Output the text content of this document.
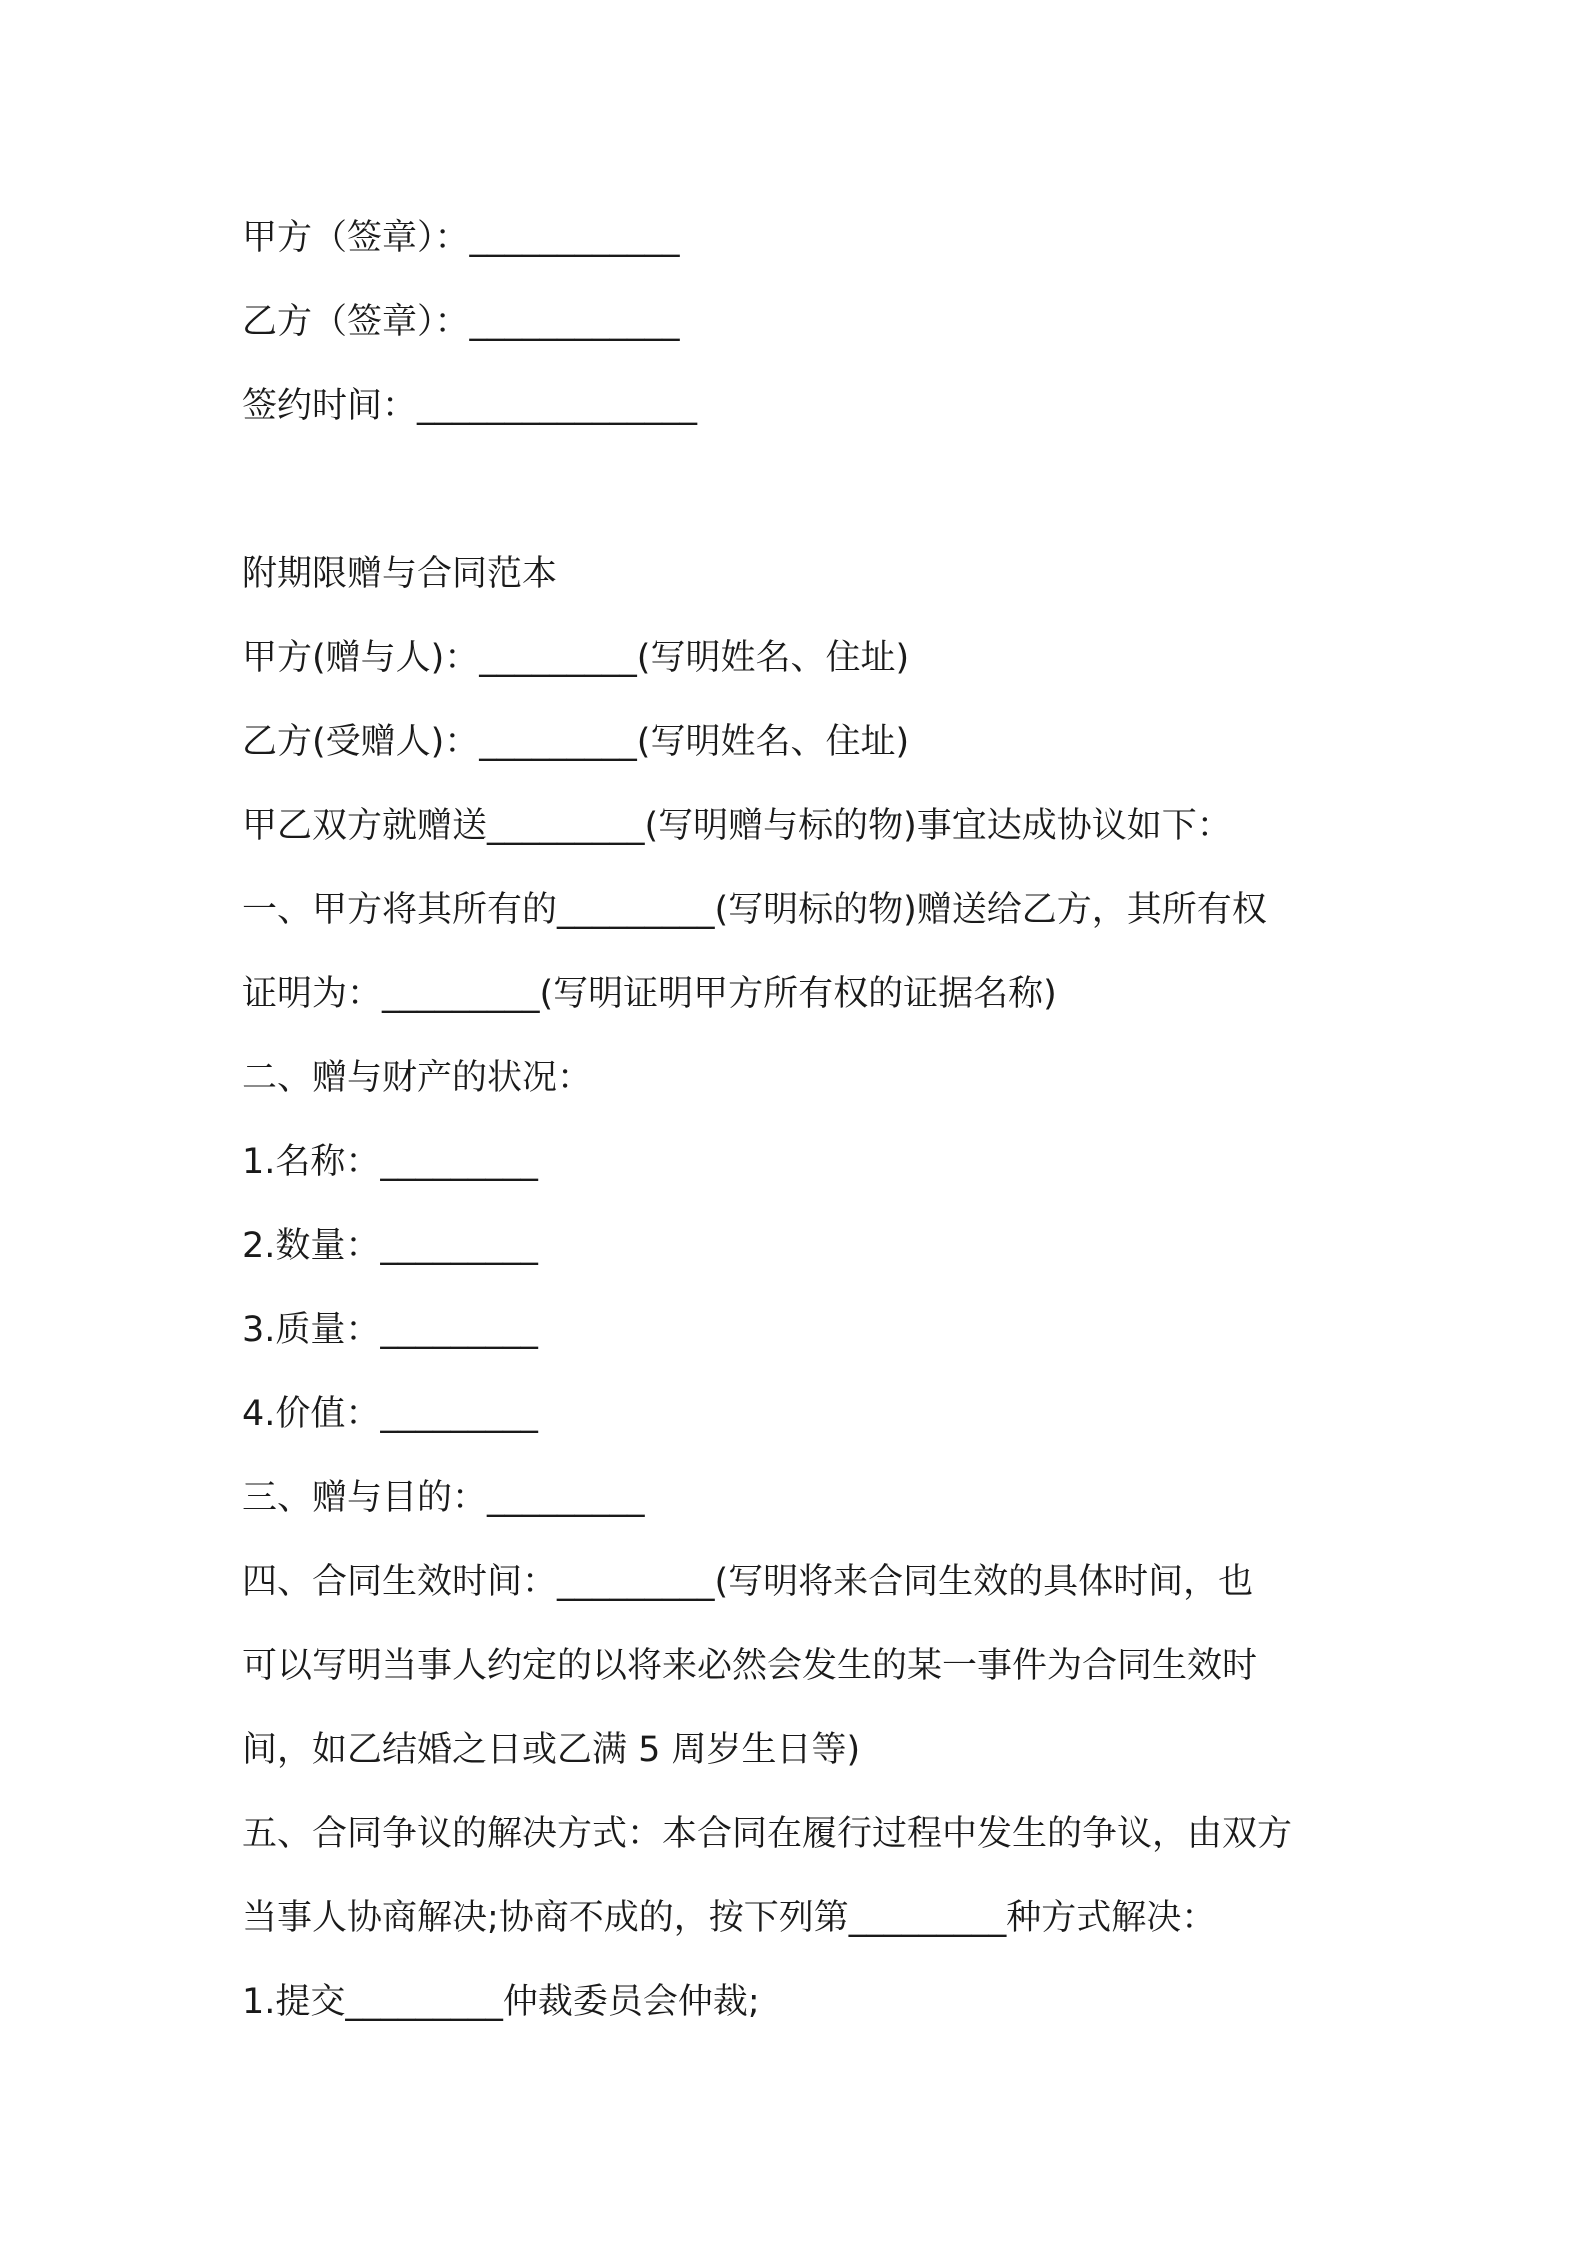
甲方（签章）：____________
乙方（签章）：____________
签约时间：________________
附期限赠与合同范本
甲方(赠与人)：_________(写明姓名、住址)
乙方(受赠人)：_________(写明姓名、住址)
甲乙双方就赠送_________(写明赠与标的物)事宜达成协议如下：
一、甲方将其所有的_________(写明标的物)赠送给乙方，其所有权
证明为：_________(写明证明甲方所有权的证据名称)
二、赠与财产的状况：
1.名称：_________
2.数量：_________
3.质量：_________
4.价值：_________
三、赠与目的：_________
四、合同生效时间：_________(写明将来合同生效的具体时间，也
可以写明当事人约定的以将来必然会发生的某一事件为合同生效时
间，如乙结婚之日或乙满 5 周岁生日等)
五、合同争议的解决方式：本合同在履行过程中发生的争议，由双方
当事人协商解决;协商不成的，按下列第_________种方式解决：
1.提交_________仲裁委员会仲裁;
